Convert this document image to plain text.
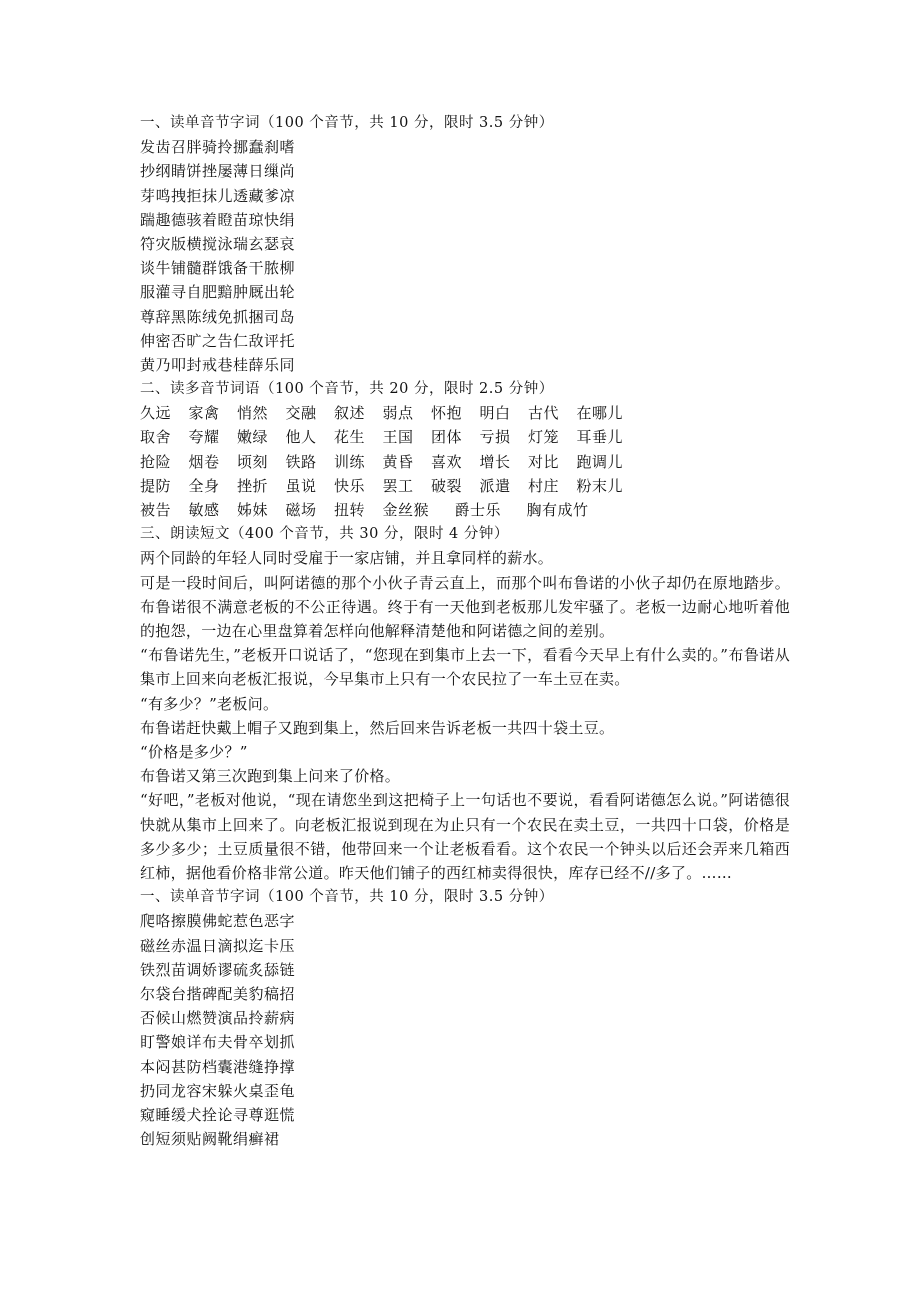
一、读单音节字词（100 个音节，共 10 分，限时 3.5 分钟）
发齿召胖骑拎挪蠢刹嗜
抄纲睛饼挫屡薄日缫尚
芽鸣拽拒抹儿透藏爹凉
踹趣德骇着瞪苗琼快绢
符灾版横搅泳瑞玄瑟哀
谈牛铺髓群饿备干脓柳
服灌寻自肥黯肿厩出轮
尊辞黑陈绒免抓捆司岛
伸密否旷之告仁敌评托
黄乃叩封戒巷桂薛乐同
二、读多音节词语（100 个音节，共 20 分，限时 2.5 分钟）
久远	家禽	悄然	交融	叙述	弱点	怀抱	明白	古代	在哪儿
取舍	夸耀	嫩绿	他人	花生	王国	团体	亏损	灯笼	耳垂儿
抢险	烟卷	顷刻	铁路	训练	黄昏	喜欢	增长	对比	跑调儿
提防	全身	挫折	虽说	快乐	罢工	破裂	派遣	村庄	粉末儿
被告	敏感	姊妹	磁场	扭转	金丝猴	爵士乐	胸有成竹
三、朗读短文（400 个音节，共 30 分，限时 4 分钟）
两个同龄的年轻人同时受雇于一家店铺，并且拿同样的薪水。
可是一段时间后，叫阿诺德的那个小伙子青云直上，而那个叫布鲁诺的小伙子却仍在原地踏步。布鲁诺很不满意老板的不公正待遇。终于有一天他到老板那儿发牢骚了。老板一边耐心地听着他的抱怨，一边在心里盘算着怎样向他解释清楚他和阿诺德之间的差别。
“布鲁诺先生，”老板开口说话了，“您现在到集市上去一下，看看今天早上有什么卖的。”布鲁诺从集市上回来向老板汇报说，今早集市上只有一个农民拉了一车土豆在卖。
“有多少？”老板问。
布鲁诺赶快戴上帽子又跑到集上，然后回来告诉老板一共四十袋土豆。
“价格是多少？”
布鲁诺又第三次跑到集上问来了价格。
“好吧，”老板对他说，“现在请您坐到这把椅子上一句话也不要说，看看阿诺德怎么说。”阿诺德很快就从集市上回来了。向老板汇报说到现在为止只有一个农民在卖土豆，一共四十口袋，价格是多少多少；土豆质量很不错，他带回来一个让老板看看。这个农民一个钟头以后还会弄来几箱西红柿，据他看价格非常公道。昨天他们铺子的西红柿卖得很快，库存已经不//多了。……
一、读单音节字词（100 个音节，共 10 分，限时 3.5 分钟）
爬咯擦膜佛蛇惹色恶字
磁丝赤温日滴拟迄卡压
铁烈苗调娇谬硫炙舔链
尔袋台揩碑配美豹稿招
否候山燃赞演品拎薪病
盯警娘详布夫骨卒划抓
本闷甚防档囊港缝挣撑
扔同龙容宋躲火桌歪龟
窥睡缓犬拴论寻尊逛慌
创短须贴阙靴绢癣裙
